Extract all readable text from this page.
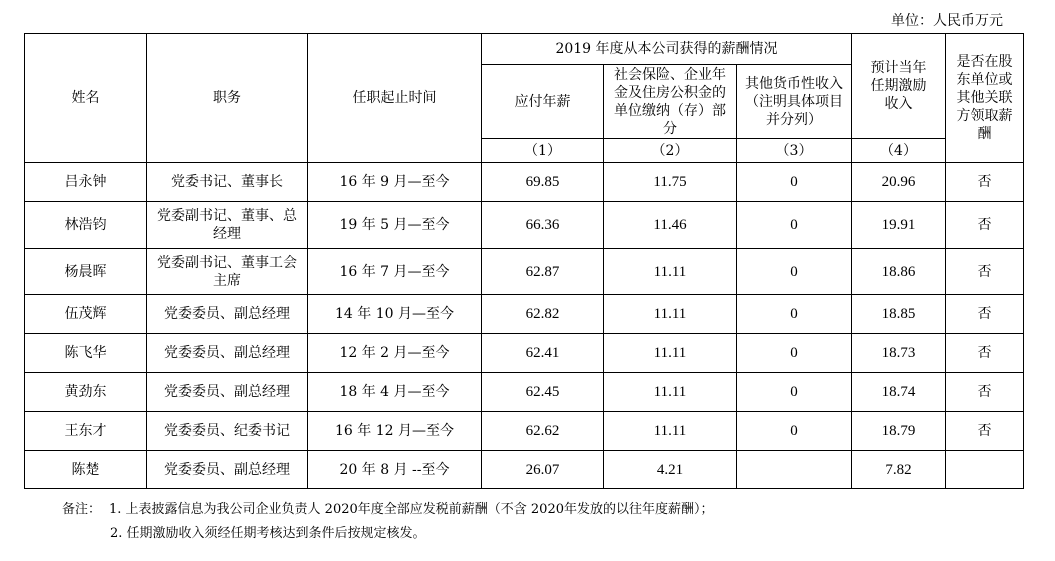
单位：人民币万元
姓名	职务	任职起止时间	2019 年度从本公司获得的薪酬情况			预计当年任期激励收入	是否在股东单位或其他关联方领取薪酬
			应付年薪	社会保险、企业年金及住房公积金的单位缴纳（存）部分	其他货币性收入（注明具体项目并分列）		
			（1）	（2）	（3）	（4）	
吕永钟	党委书记、董事长	16 年 9 月—至今	69.85	11.75	0	20.96	否
林浩钧	党委副书记、董事、总经理	19 年 5 月—至今	66.36	11.46	0	19.91	否
杨晨晖	党委副书记、董事工会主席	16 年 7 月—至今	62.87	11.11	0	18.86	否
伍茂辉	党委委员、副总经理	14 年 10 月—至今	62.82	11.11	0	18.85	否
陈飞华	党委委员、副总经理	12 年 2 月—至今	62.41	11.11	0	18.73	否
黄劲东	党委委员、副总经理	18 年 4 月—至今	62.45	11.11	0	18.74	否
王东才	党委委员、纪委书记	16 年 12 月—至今	62.62	11.11	0	18.79	否
陈楚	党委委员、副总经理	20 年 8 月 --至今	26.07	4.21		7.82	
备注： 1. 上表披露信息为我公司企业负责人 2020年度全部应发税前薪酬（不含 2020年发放的以往年度薪酬）；
2. 任期激励收入须经任期考核达到条件后按规定核发。
